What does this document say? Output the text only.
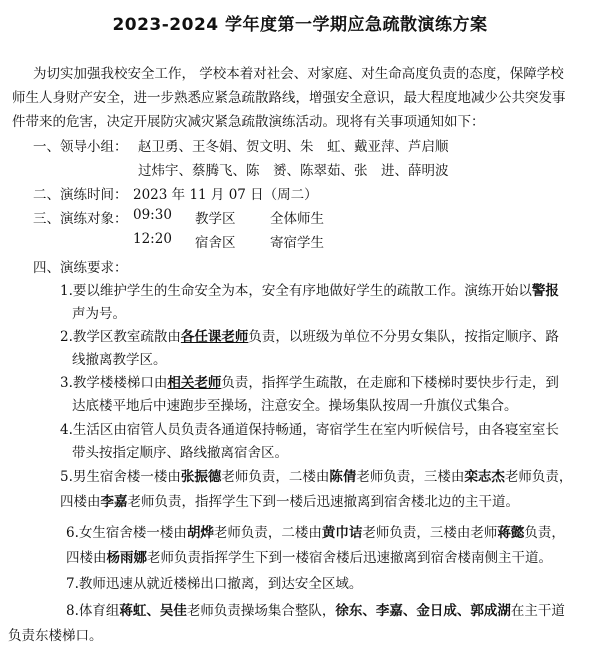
2023-2024 学年度第一学期应急疏散演练方案
为切实加强我校安全工作， 学校本着对社会、对家庭、对生命高度负责的态度，保障学校
师生人身财产安全，进一步熟悉应紧急疏散路线，增强安全意识，最大程度地减少公共突发事
件带来的危害，决定开展防灾减灾紧急疏散演练活动。现将有关事项通知如下：
一、领导小组： 赵卫勇、王冬娟、贺文明、朱　虹、戴亚萍、芦启顺
过炜宇、蔡腾飞、陈　赟、陈翠茹、张　进、薛明波
二、演练时间： 2023 年 11 月 07 日（周二）
三、演练对象： 09:30 教学区	全体师生
12:20 宿舍区	寄宿学生
四、演练要求：
1.要以维护学生的生命安全为本，安全有序地做好学生的疏散工作。演练开始以警报
声为号。
2.教学区教室疏散由各任课老师负责，以班级为单位不分男女集队，按指定顺序、路
线撤离教学区。
3.教学楼楼梯口由相关老师负责，指挥学生疏散，在走廊和下楼梯时要快步行走，到
达底楼平地后中速跑步至操场，注意安全。操场集队按周一升旗仪式集合。
4.生活区由宿管人员负责各通道保持畅通，寄宿学生在室内听候信号，由各寝室室长
带头按指定顺序、路线撤离宿舍区。
5.男生宿舍楼一楼由张振德老师负责，二楼由陈倩老师负责，三楼由栾志杰老师负责，
四楼由李嘉老师负责，指挥学生下到一楼后迅速撤离到宿舍楼北边的主干道。
6.女生宿舍楼一楼由胡烨老师负责，二楼由黄巾诘老师负责，三楼由老师蒋懿负责，
四楼由杨雨娜老师负责指挥学生下到一楼宿舍楼后迅速撤离到宿舍楼南侧主干道。
7.教师迅速从就近楼梯出口撤离，到达安全区域。
8.体育组蒋虹、吴佳老师负责操场集合整队，徐东、李嘉、金日成、郭成湖在主干道
负责东楼梯口。
